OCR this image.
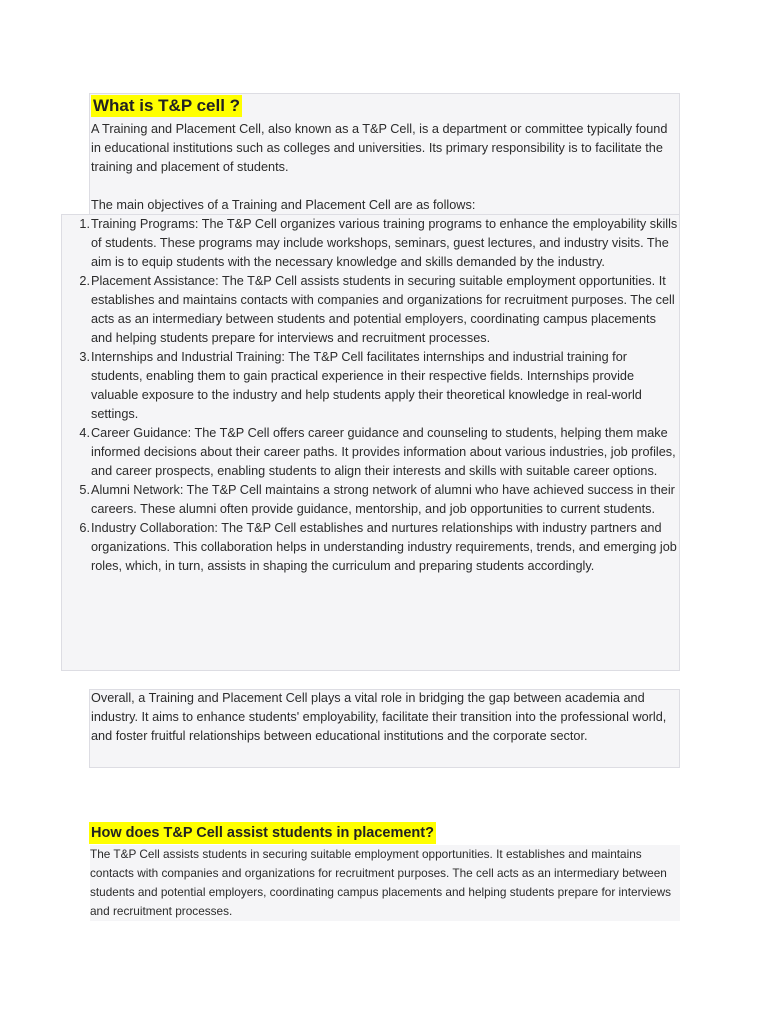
What is T&P cell ?

A Training and Placement Cell, also known as a T&P Cell, is a department or committee typically found in educational institutions such as colleges and universities. Its primary responsibility is to facilitate the training and placement of students.

The main objectives of a Training and Placement Cell are as follows:

1. Training Programs: The T&P Cell organizes various training programs to enhance the employability skills of students. These programs may include workshops, seminars, guest lectures, and industry visits. The aim is to equip students with the necessary knowledge and skills demanded by the industry.
2. Placement Assistance: The T&P Cell assists students in securing suitable employment opportunities. It establishes and maintains contacts with companies and organizations for recruitment purposes. The cell acts as an intermediary between students and potential employers, coordinating campus placements and helping students prepare for interviews and recruitment processes.
3. Internships and Industrial Training: The T&P Cell facilitates internships and industrial training for students, enabling them to gain practical experience in their respective fields. Internships provide valuable exposure to the industry and help students apply their theoretical knowledge in real-world settings.
4. Career Guidance: The T&P Cell offers career guidance and counseling to students, helping them make informed decisions about their career paths. It provides information about various industries, job profiles, and career prospects, enabling students to align their interests and skills with suitable career options.
5. Alumni Network: The T&P Cell maintains a strong network of alumni who have achieved success in their careers. These alumni often provide guidance, mentorship, and job opportunities to current students.
6. Industry Collaboration: The T&P Cell establishes and nurtures relationships with industry partners and organizations. This collaboration helps in understanding industry requirements, trends, and emerging job roles, which, in turn, assists in shaping the curriculum and preparing students accordingly.

Overall, a Training and Placement Cell plays a vital role in bridging the gap between academia and industry. It aims to enhance students' employability, facilitate their transition into the professional world, and foster fruitful relationships between educational institutions and the corporate sector.

How does T&P Cell assist students in placement?

The T&P Cell assists students in securing suitable employment opportunities. It establishes and maintains contacts with companies and organizations for recruitment purposes. The cell acts as an intermediary between students and potential employers, coordinating campus placements and helping students prepare for interviews and recruitment processes.
